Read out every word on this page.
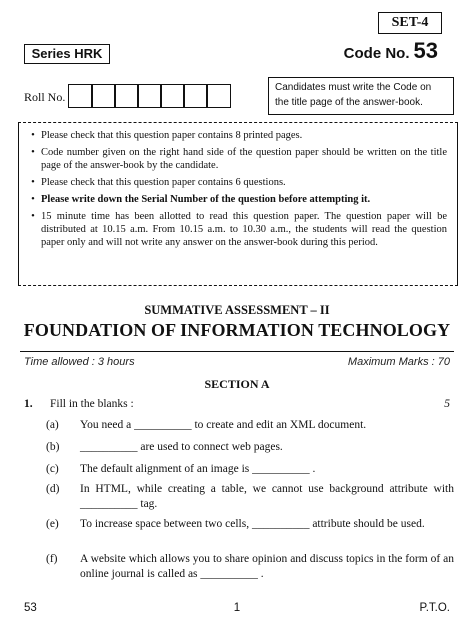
SET-4
Series HRK	Code No. 53
Roll No.
Candidates must write the Code on the title page of the answer-book.
• Please check that this question paper contains 8 printed pages.
• Code number given on the right hand side of the question paper should be written on the title page of the answer-book by the candidate.
• Please check that this question paper contains 6 questions.
• Please write down the Serial Number of the question before attempting it.
• 15 minute time has been allotted to read this question paper. The question paper will be distributed at 10.15 a.m. From 10.15 a.m. to 10.30 a.m., the students will read the question paper only and will not write any answer on the answer-book during this period.
SUMMATIVE ASSESSMENT – II
FOUNDATION OF INFORMATION TECHNOLOGY
Time allowed : 3 hours	Maximum Marks : 70
SECTION A
1. Fill in the blanks :	5
(a)	You need a __________ to create and edit an XML document.
(b)	__________ are used to connect web pages.
(c)	The default alignment of an image is __________ .
(d)	In HTML, while creating a table, we cannot use background attribute with __________ tag.
(e)	To increase space between two cells, __________ attribute should be used.
(f)	A website which allows you to share opinion and discuss topics in the form of an online journal is called as __________ .
53	1	P.T.O.
